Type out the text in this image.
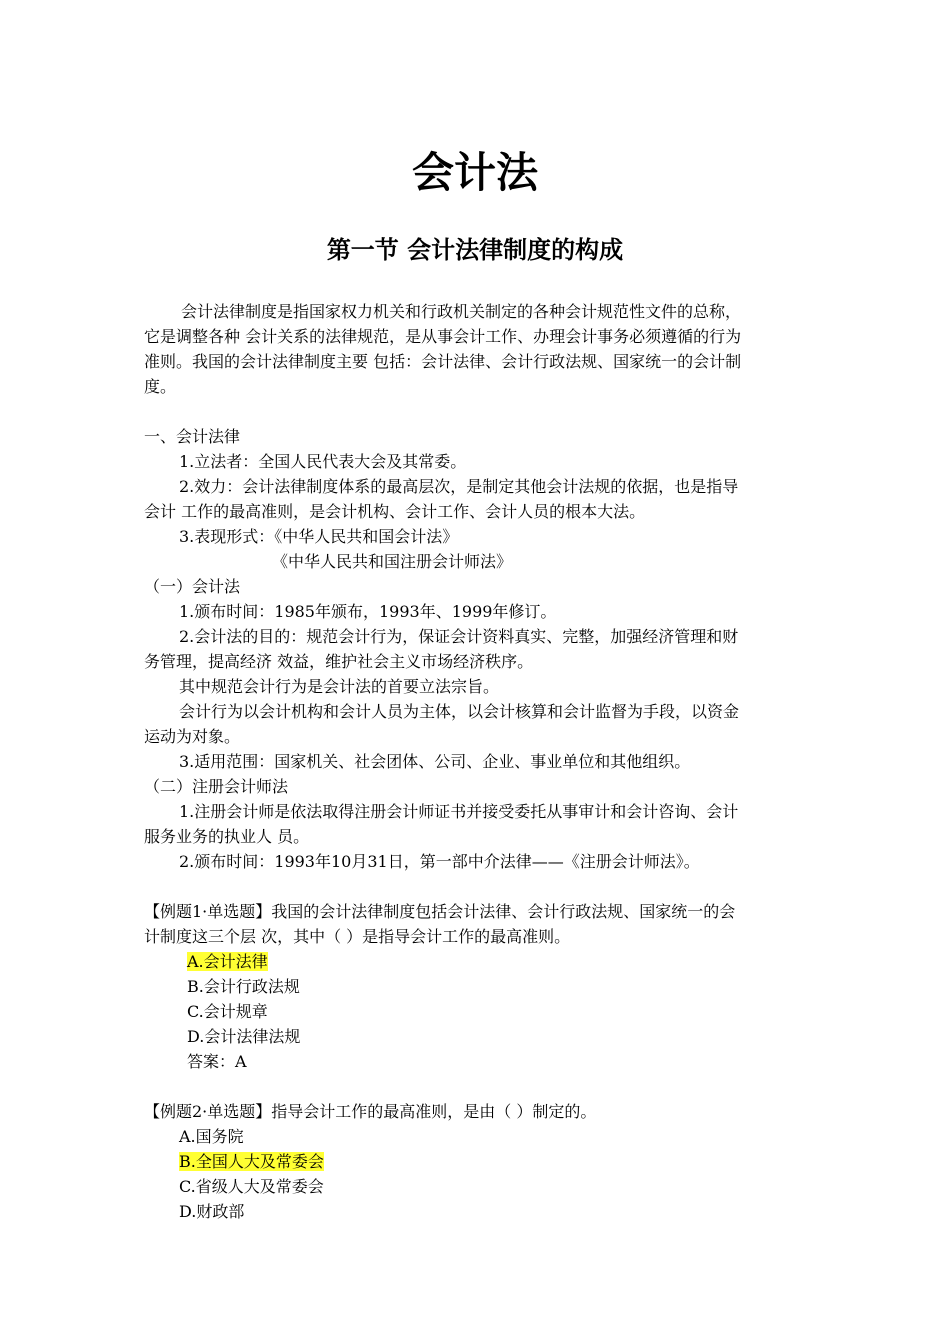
会计法
第一节 会计法律制度的构成
会计法律制度是指国家权力机关和行政机关制定的各种会计规范性文件的总称，
它是调整各种 会计关系的法律规范，是从事会计工作、办理会计事务必须遵循的行为
准则。我国的会计法律制度主要 包括：会计法律、会计行政法规、国家统一的会计制
度。
一、会计法律
1.立法者：全国人民代表大会及其常委。
2.效力：会计法律制度体系的最高层次，是制定其他会计法规的依据，也是指导
会计 工作的最高准则，是会计机构、会计工作、会计人员的根本大法。
3.表现形式：《中华人民共和国会计法》
《中华人民共和国注册会计师法》
（一）会计法
1.颁布时间：1985年颁布，1993年、1999年修订。
2.会计法的目的：规范会计行为，保证会计资料真实、完整，加强经济管理和财
务管理，提高经济 效益，维护社会主义市场经济秩序。
其中规范会计行为是会计法的首要立法宗旨。
会计行为以会计机构和会计人员为主体，以会计核算和会计监督为手段，以资金
运动为对象。
3.适用范围：国家机关、社会团体、公司、企业、事业单位和其他组织。
（二）注册会计师法
1.注册会计师是依法取得注册会计师证书并接受委托从事审计和会计咨询、会计
服务业务的执业人 员。
2.颁布时间：1993年10月31日，第一部中介法律——《注册会计师法》。
【例题1·单选题】我国的会计法律制度包括会计法律、会计行政法规、国家统一的会
计制度这三个层 次，其中（ ）是指导会计工作的最高准则。
A.会计法律
B.会计行政法规
C.会计规章
D.会计法律法规
答案：A
【例题2·单选题】指导会计工作的最高准则，是由（ ）制定的。
A.国务院
B.全国人大及常委会
C.省级人大及常委会
D.财政部
